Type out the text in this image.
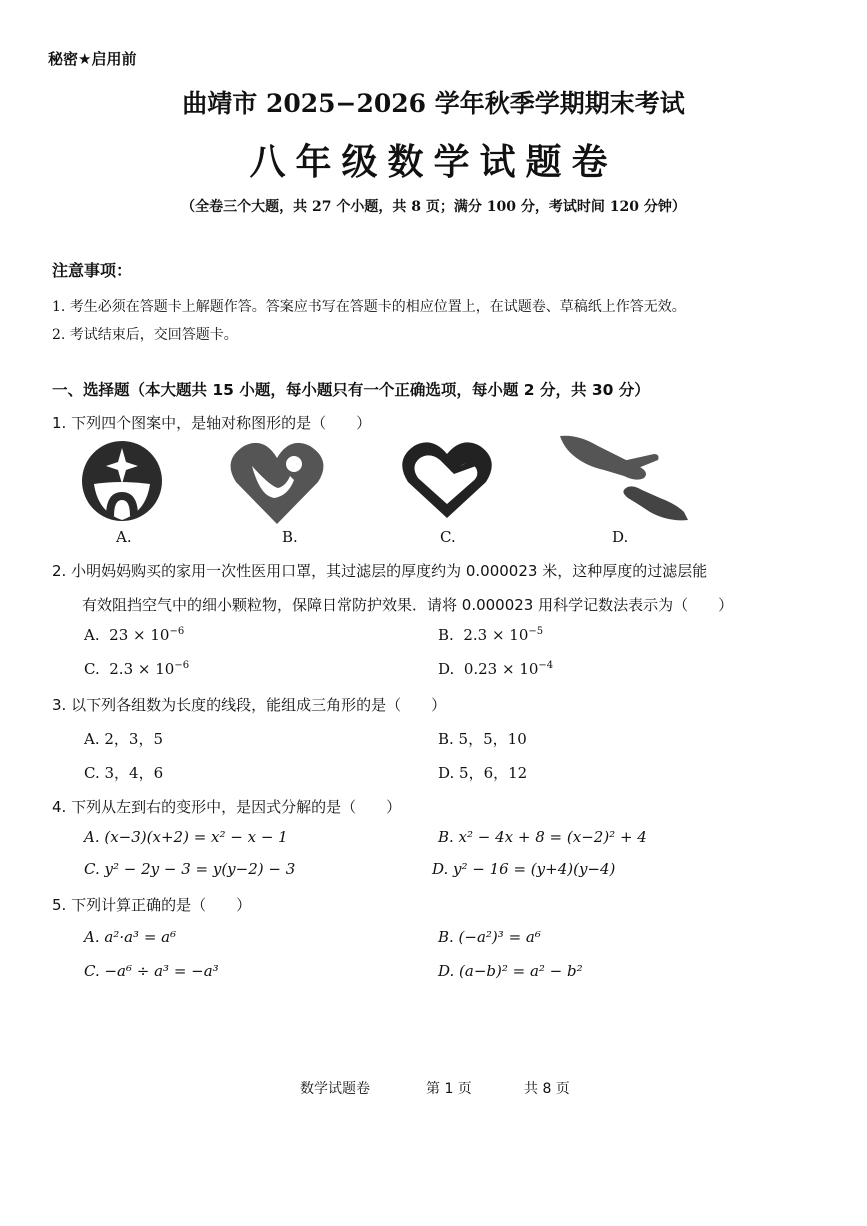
秘密★启用前
曲靖市 2025−2026 学年秋季学期期末考试
八年级数学试题卷
（全卷三个大题，共 27 个小题，共 8 页；满分 100 分，考试时间 120 分钟）
注意事项：
1. 考生必须在答题卡上解题作答。答案应书写在答题卡的相应位置上，在试题卷、草稿纸上作答无效。
2. 考试结束后，交回答题卡。
一、选择题（本大题共 15 小题，每小题只有一个正确选项，每小题 2 分，共 30 分）
1. 下列四个图案中，是轴对称图形的是（　　）
A.	B.	C.	D.
2. 小明妈妈购买的家用一次性医用口罩，其过滤层的厚度约为 0.000023 米，这种厚度的过滤层能
有效阻挡空气中的细小颗粒物，保障日常防护效果．请将 0.000023 用科学记数法表示为（　　）
A. $23 \times 10^{-6}$	B. $2.3 \times 10^{-5}$
C. $2.3 \times 10^{-6}$	D. $0.23 \times 10^{-4}$
3. 以下列各组数为长度的线段，能组成三角形的是（　　）
A. 2，3，5	B. 5，5，10
C. 3，4，6	D. 5，6，12
4. 下列从左到右的变形中，是因式分解的是（　　）
A. (x−3)(x+2) = x² − x − 1	B. x² − 4x + 8 = (x−2)² + 4
C. y² − 2y − 3 = y(y−2) − 3	D. y² − 16 = (y+4)(y−4)
5. 下列计算正确的是（　　）
A. a²·a³ = a⁶	B. (−a²)³ = a⁶
C. −a⁶ ÷ a³ = −a³	D. (a−b)² = a² − b²
数学试题卷	第 1 页	共 8 页
